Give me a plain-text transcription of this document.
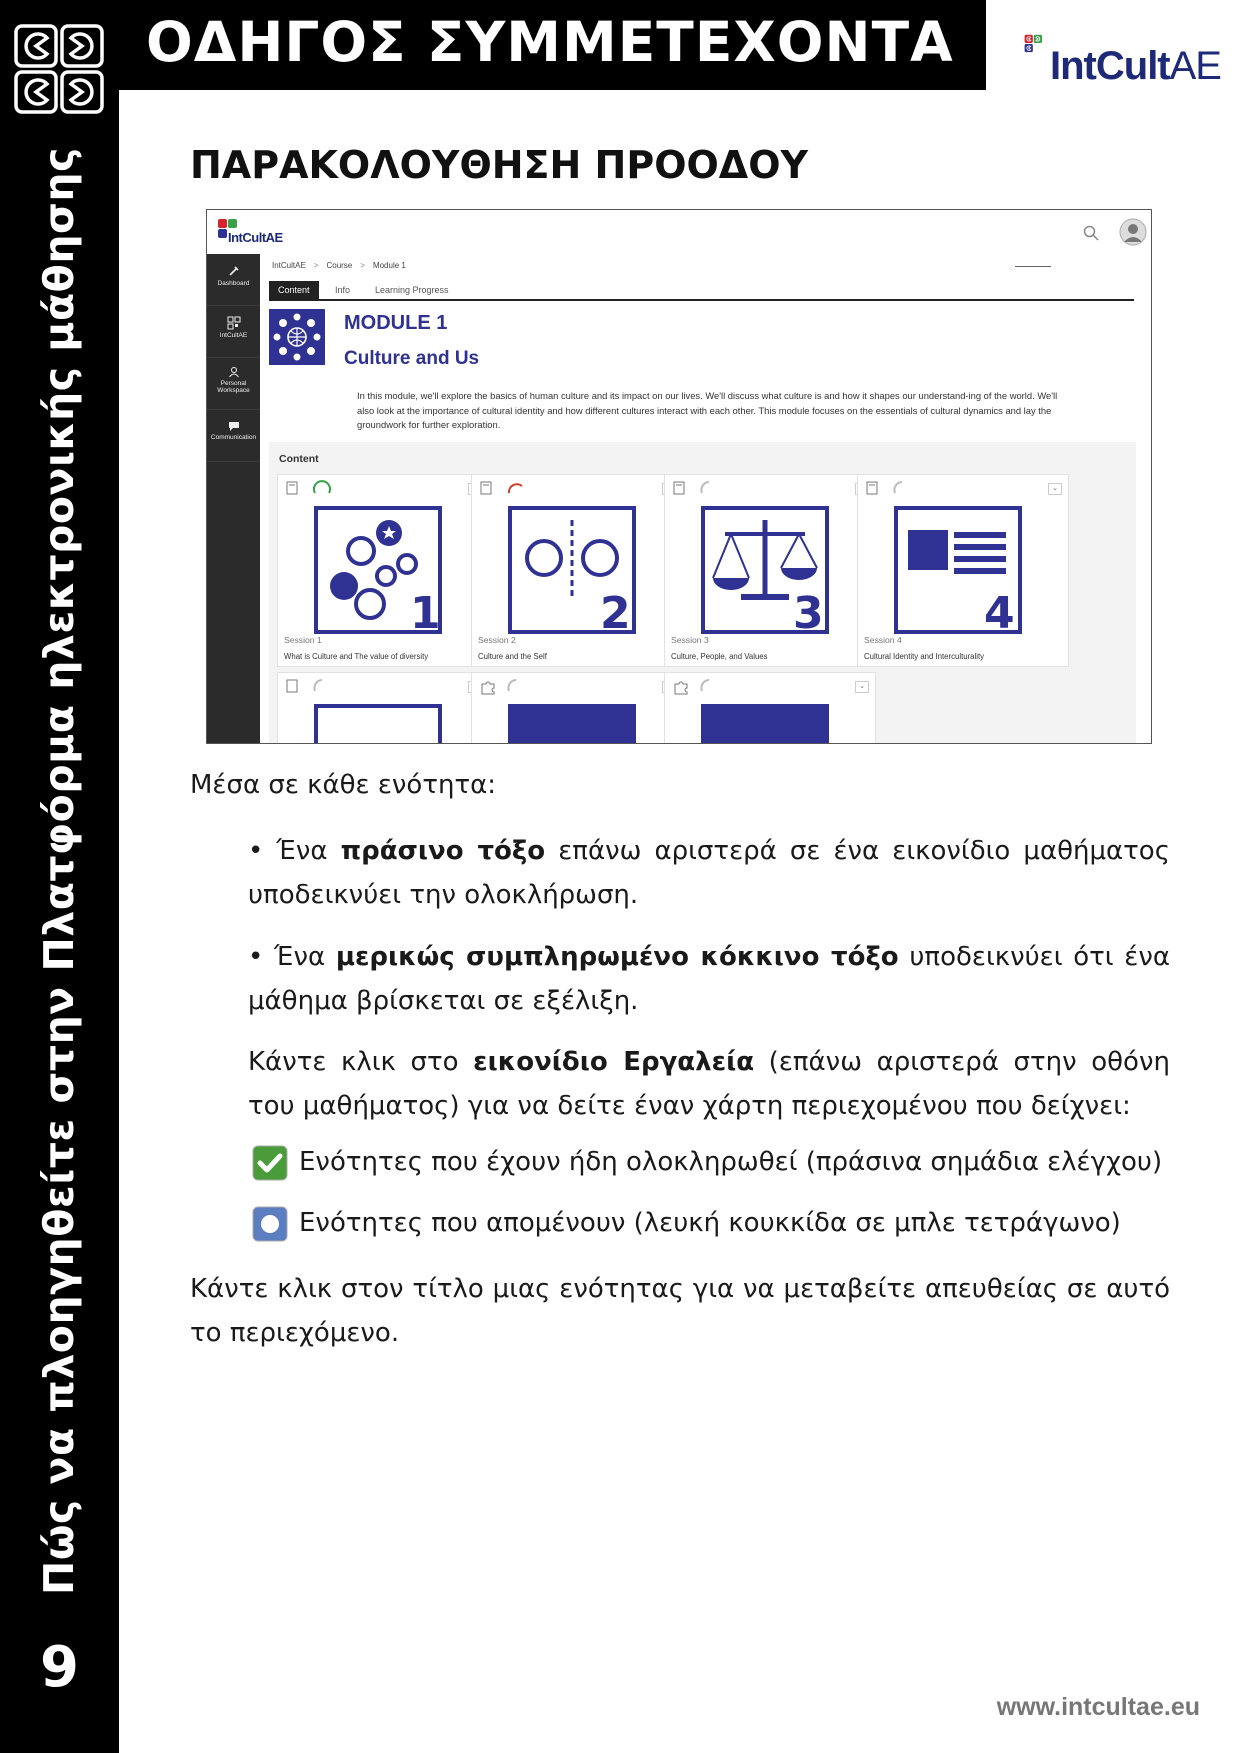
Πώς να πλοηγηθείτε στην Πλατφόρμα ηλεκτρονικής μάθησης
9
ΟΔΗΓΟΣ ΣΥΜΜΕΤΕΧΟΝΤΑ IntCultAE
ΠΑΡΑΚΟΛΟΥΘΗΣΗ ΠΡΟΟΔΟΥ
IntCultAE
Dashboard
IntCultAE
Personal Workspace
Communication
IntCultAE > Course > Module 1
Content	Info	Learning Progress
MODULE 1
Culture and Us
In this module, we'll explore the basics of human culture and its impact on our lives. We'll discuss what culture is and how it shapes our understand-ing of the world. We'll also look at the importance of cultural identity and how different cultures interact with each other. This module focuses on the essentials of cultural dynamics and lay the groundwork for further exploration.
Content
1
Session 1
What is Culture and The value of diversity
2
Session 2
Culture and the Self
3
Session 3
Culture, People, and Values
⌄
4
Session 4
Cultural Identity and Interculturality
⌄
Μέσα σε κάθε ενότητα:
• Ένα πράσινο τόξο επάνω αριστερά σε ένα εικονίδιο μαθήματος υποδεικνύει την ολοκλήρωση.
• Ένα μερικώς συμπληρωμένο κόκκινο τόξο υποδεικνύει ότι ένα μάθημα βρίσκεται σε εξέλιξη.
Κάντε κλικ στο εικονίδιο Εργαλεία (επάνω αριστερά στην οθόνη του μαθήματος) για να δείτε έναν χάρτη περιεχομένου που δείχνει:
Ενότητες που έχουν ήδη ολοκληρωθεί (πράσινα σημάδια ελέγχου)
Ενότητες που απομένουν (λευκή κουκκίδα σε μπλε τετράγωνο)
Κάντε κλικ στον τίτλο μιας ενότητας για να μεταβείτε απευθείας σε αυτό το περιεχόμενο.
www.intcultae.eu
